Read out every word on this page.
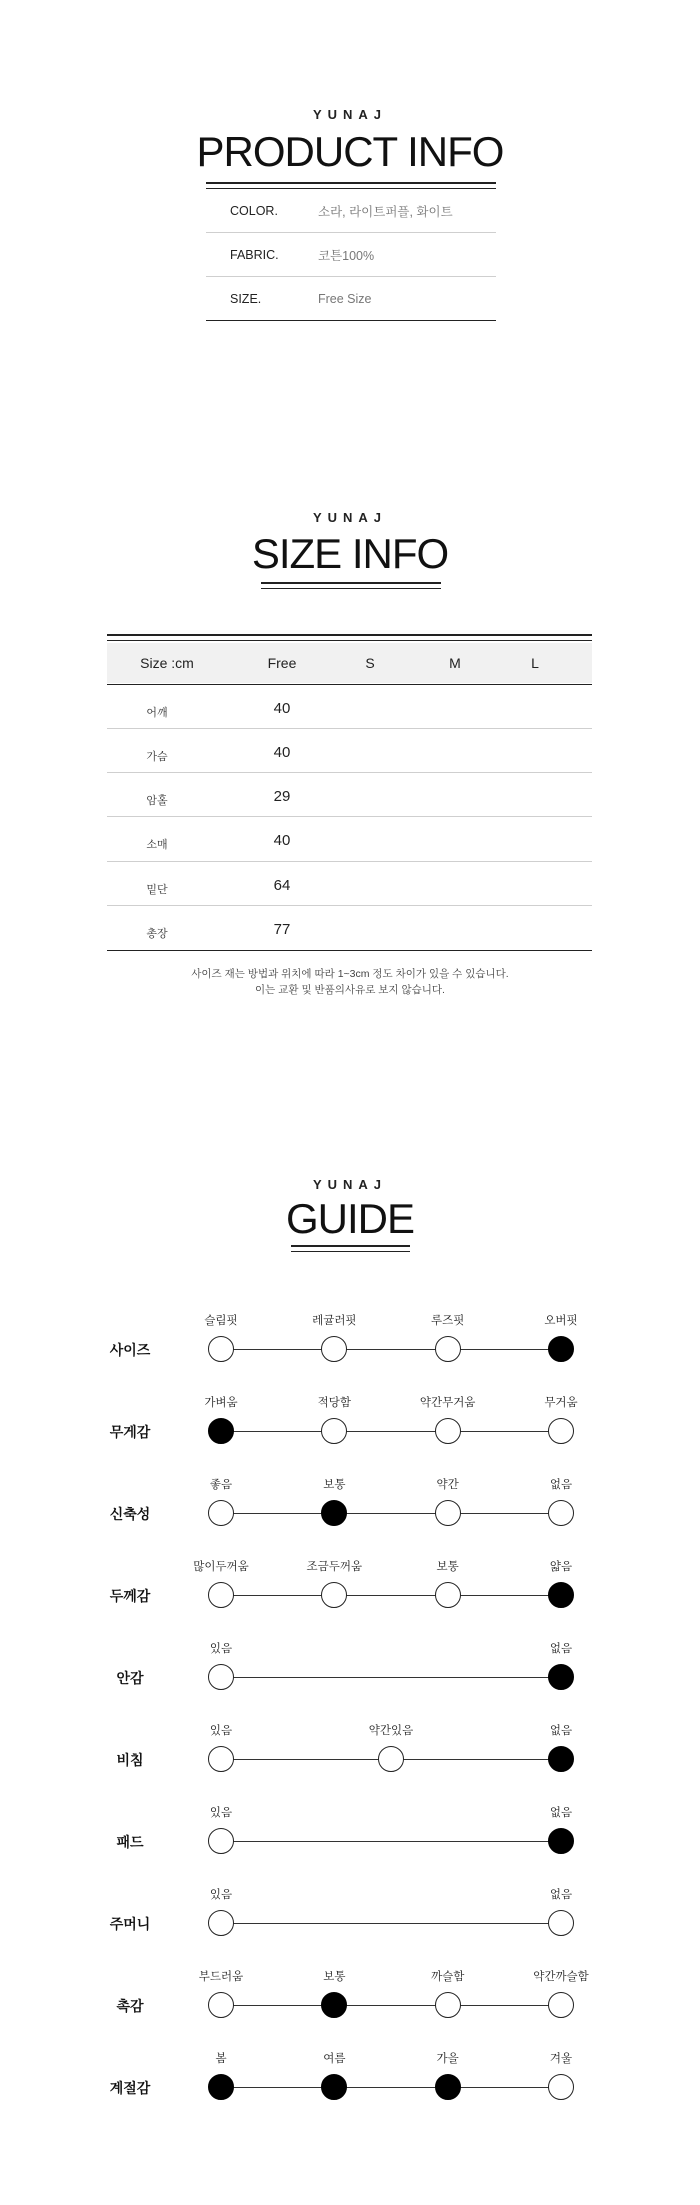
YUNAJ
PRODUCT INFO
COLOR.	소라, 라이트퍼플, 화이트
FABRIC.	코튼100%
SIZE.	Free Size
YUNAJ
SIZE INFO
Size :cm	Free	S	M	L
어깨	40
가슴	40
암홀	29
소매	40
밑단	64
총장	77
사이즈 재는 방법과 위치에 따라 1~3cm 정도 차이가 있을 수 있습니다.
이는 교환 및 반품의사유로 보지 않습니다.
YUNAJ
GUIDE
사이즈
슬림핏	레귤러핏	루즈핏	오버핏
무게감
가벼움	적당함	약간무거움	무거움
신축성
좋음	보통	약간	없음
두께감
많이두꺼움	조금두꺼움	보통	얇음
안감
있음	없음
비침
있음	약간있음	없음
패드
있음	없음
주머니
있음	없음
촉감
부드러움	보통	까슬함	약간까슬함
계절감
봄	여름	가을	겨울
